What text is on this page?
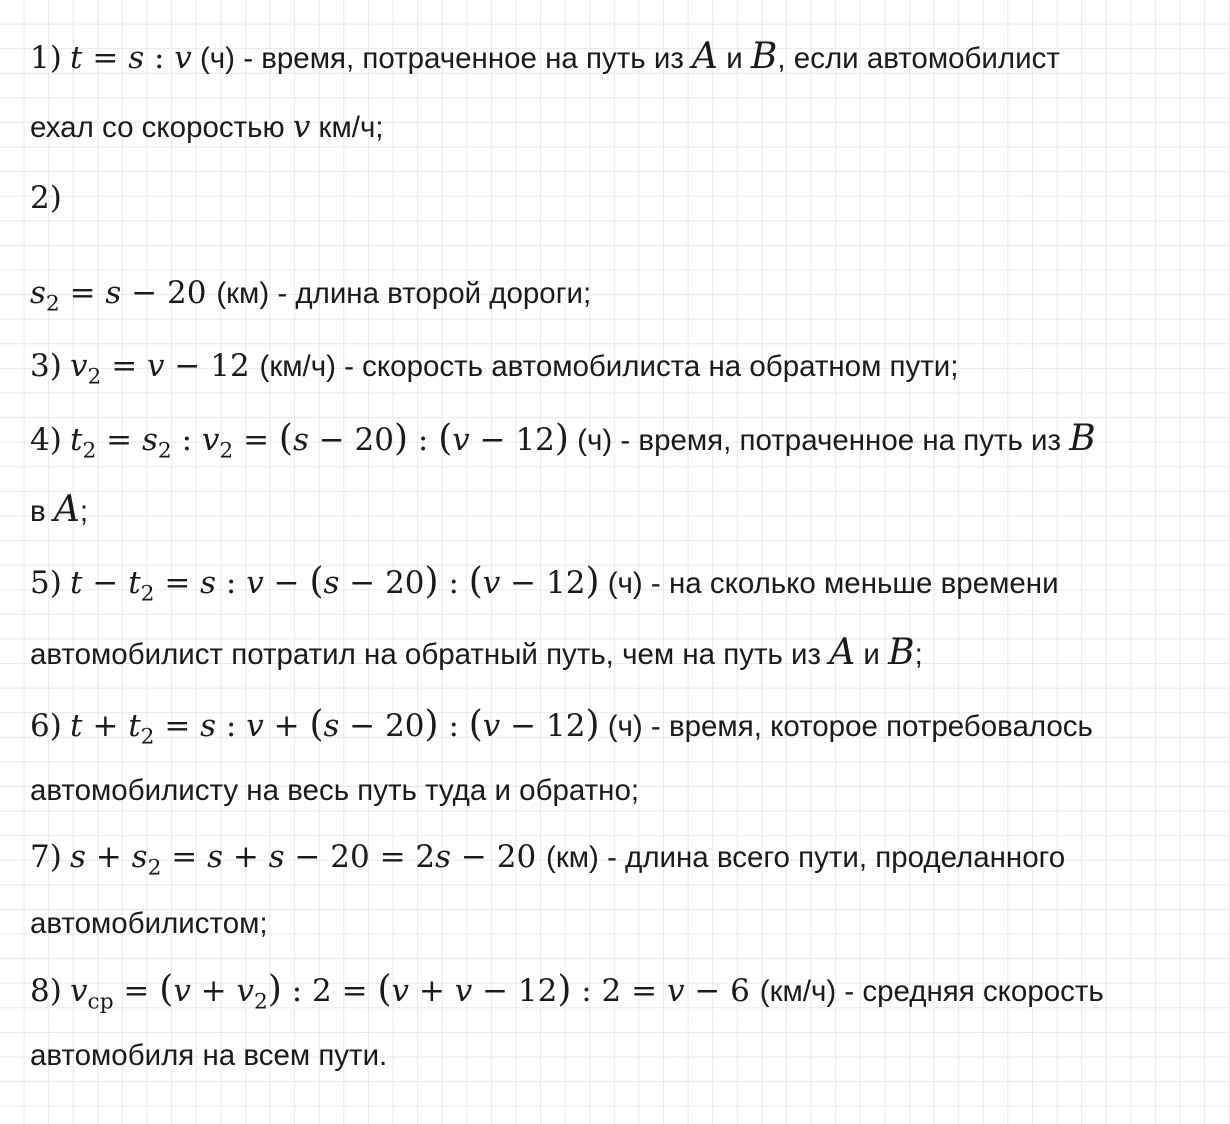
1) t = s : v (ч) - время, потраченное на путь из A и B, если автомобилист
ехал со скоростью v км/ч;
2)
$s_2 = s - 20$ (км) - длина второй дороги;
3) $v_2 = v - 12$ (км/ч) - скорость автомобилиста на обратном пути;
4) $t_2 = s_2$ : $v_2 = (s - 20)$ : (v − 12) (ч) - время, потраченное на путь из B
в A;
5) $t - t_2 = s$ : v − (s − 20) : (v − 12) (ч) - на сколько меньше времени
автомобилист потратил на обратный путь, чем на путь из A и B;
6) $t + t_2 = s$ : v + (s − 20) : (v − 12) (ч) - время, которое потребовалось
автомобилисту на весь путь туда и обратно;
7) $s + s_2 = s + s - 20 = 2s - 20$ (км) - длина всего пути, проделанного
автомобилистом;
8) $v_{ср} = (v + v_2)$ : 2 = (v + v − 12) : 2 = v − 6 (км/ч) - средняя скорость
автомобиля на всем пути.
